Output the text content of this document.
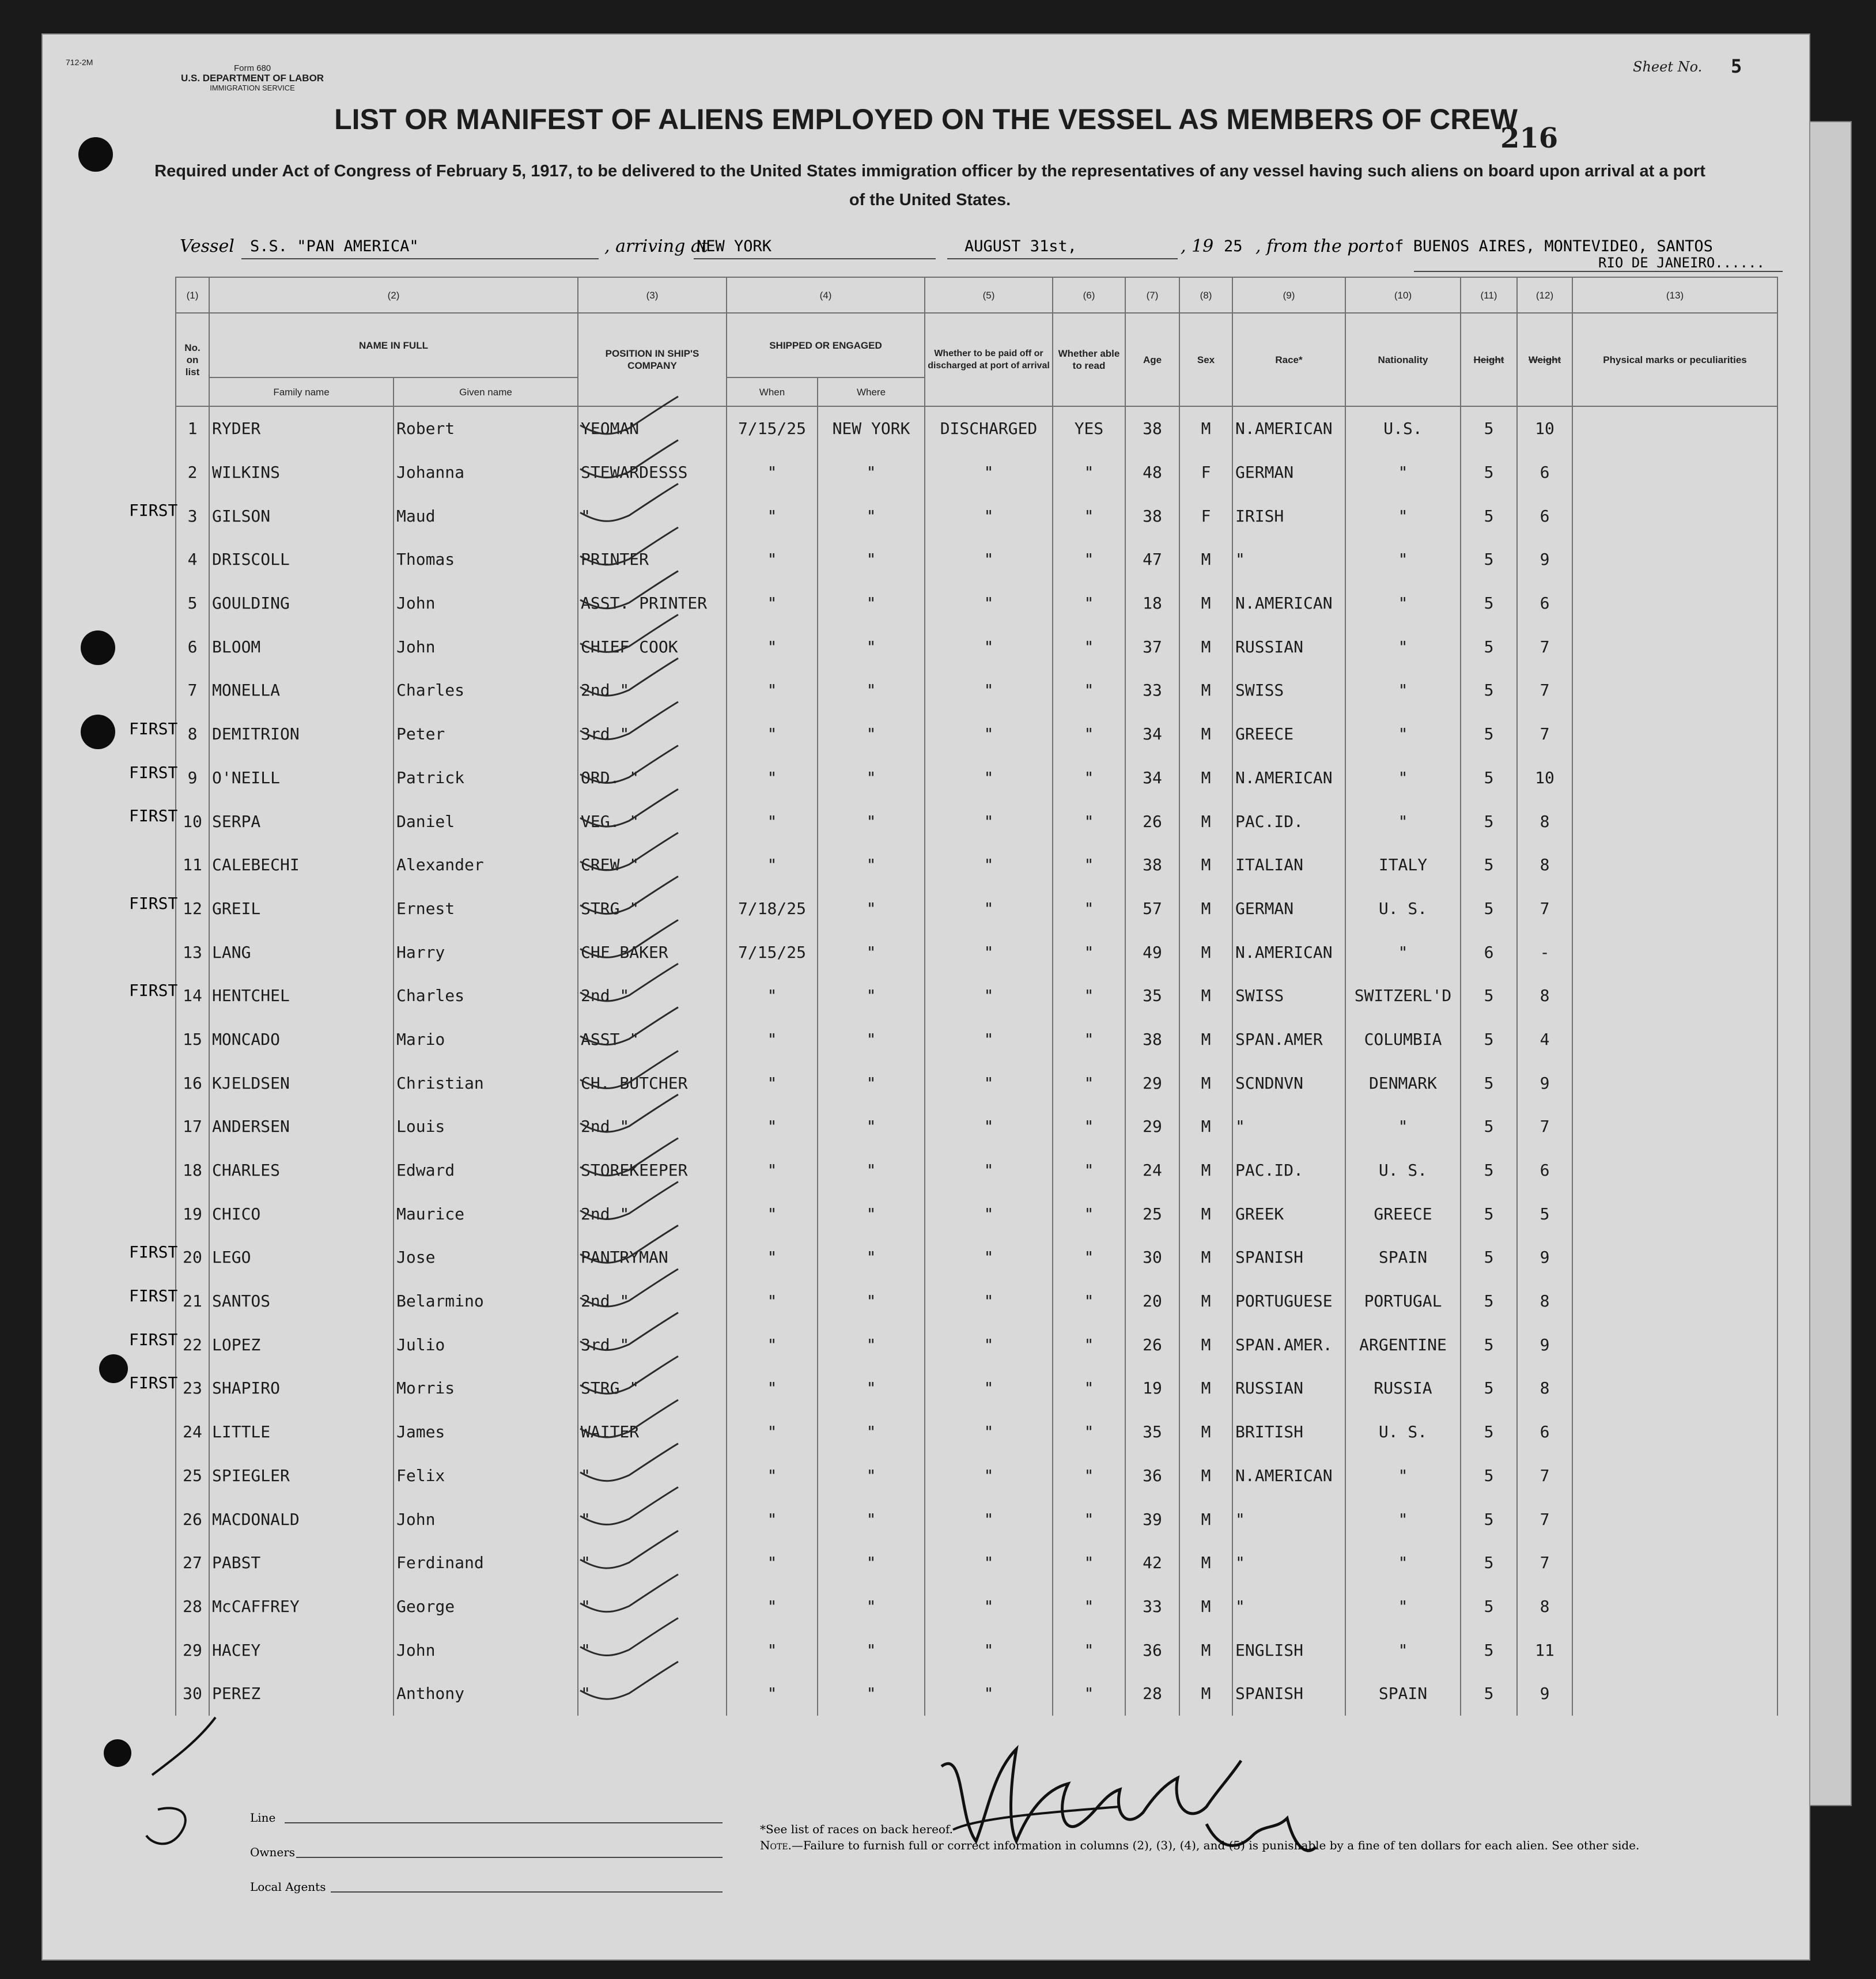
712-2M
Form 680
U.S. DEPARTMENT OF LABOR
IMMIGRATION SERVICE
Sheet No. 5
LIST OR MANIFEST OF ALIENS EMPLOYED ON THE VESSEL AS MEMBERS OF CREW
216
Required under Act of Congress of February 5, 1917, to be delivered to the United States immigration officer by the representatives of any vessel having such aliens on board upon arrival at a port of the United States.
Vessel S.S. "PAN AMERICA"	, arriving at
NEW YORK	AUGUST 31st,	, 19 25 , from the port of BUENOS AIRES, MONTEVIDEO, SANTOS
RIO DE JANEIRO......
(1)	(2)		(3)	(4)		(5)	(6)	(7)	(8)	(9)	(10)	(11)	(12)	(13)
No. on list	NAME IN FULL		POSITION IN SHIP'S COMPANY	SHIPPED OR ENGAGED		Whether to be paid off or discharged at port of arrival	Whether able to read	Age	Sex	Race*	Nationality	Height	Weight	Physical marks or peculiarities
	Family name	Given name		When	Where									
1	RYDER	Robert	YEOMAN	7/15/25	NEW YORK	DISCHARGED	YES	38	M	N.AMERICAN	U.S.	5	10	
2	WILKINS	Johanna	STEWARDESSS	"	"	"	"	48	F	GERMAN	"	5	6	
3	GILSON	Maud	"	"	"	"	"	38	F	IRISH	"	5	6	
4	DRISCOLL	Thomas	PRINTER	"	"	"	"	47	M	"	"	5	9	
5	GOULDING	John	ASST. PRINTER	"	"	"	"	18	M	N.AMERICAN	"	5	6	
6	BLOOM	John	CHIEF COOK	"	"	"	"	37	M	RUSSIAN	"	5	7	
7	MONELLA	Charles	2nd "	"	"	"	"	33	M	SWISS	"	5	7	
8	DEMITRION	Peter	3rd "	"	"	"	"	34	M	GREECE	"	5	7	
9	O'NEILL	Patrick	ORD. "	"	"	"	"	34	M	N.AMERICAN	"	5	10	
10	SERPA	Daniel	VEG. "	"	"	"	"	26	M	PAC.ID.	"	5	8	
11	CALEBECHI	Alexander	CREW "	"	"	"	"	38	M	ITALIAN	ITALY	5	8	
12	GREIL	Ernest	STRG "	7/18/25	"	"	"	57	M	GERMAN	U. S.	5	7	
13	LANG	Harry	CHF BAKER	7/15/25	"	"	"	49	M	N.AMERICAN	"	6	-	
14	HENTCHEL	Charles	2nd "	"	"	"	"	35	M	SWISS	SWITZERL'D	5	8	
15	MONCADO	Mario	ASST "	"	"	"	"	38	M	SPAN.AMER	COLUMBIA	5	4	
16	KJELDSEN	Christian	CH. BUTCHER	"	"	"	"	29	M	SCNDNVN	DENMARK	5	9	
17	ANDERSEN	Louis	2nd "	"	"	"	"	29	M	"	"	5	7	
18	CHARLES	Edward	STOREKEEPER	"	"	"	"	24	M	PAC.ID.	U. S.	5	6	
19	CHICO	Maurice	2nd "	"	"	"	"	25	M	GREEK	GREECE	5	5	
20	LEGO	Jose	PANTRYMAN	"	"	"	"	30	M	SPANISH	SPAIN	5	9	
21	SANTOS	Belarmino	2nd "	"	"	"	"	20	M	PORTUGUESE	PORTUGAL	5	8	
22	LOPEZ	Julio	3rd "	"	"	"	"	26	M	SPAN.AMER.	ARGENTINE	5	9	
23	SHAPIRO	Morris	STRG "	"	"	"	"	19	M	RUSSIAN	RUSSIA	5	8	
24	LITTLE	James	WAITER	"	"	"	"	35	M	BRITISH	U. S.	5	6	
25	SPIEGLER	Felix	"	"	"	"	"	36	M	N.AMERICAN	"	5	7	
26	MACDONALD	John	"	"	"	"	"	39	M	"	"	5	7	
27	PABST	Ferdinand	"	"	"	"	"	42	M	"	"	5	7	
28	McCAFFREY	George	"	"	"	"	"	33	M	"	"	5	8	
29	HACEY	John	"	"	"	"	"	36	M	ENGLISH	"	5	11	
30	PEREZ	Anthony	"	"	"	"	"	28	M	SPANISH	SPAIN	5	9	
FIRST
FIRST
FIRST
FIRST
FIRST
FIRST
FIRST
FIRST
FIRST
FIRST
Line
Owners
Local Agents
*See list of races on back hereof.
Note.—Failure to furnish full or correct information in columns (2), (3), (4), and (5) is punishable by a fine of ten dollars for each alien. See other side.
